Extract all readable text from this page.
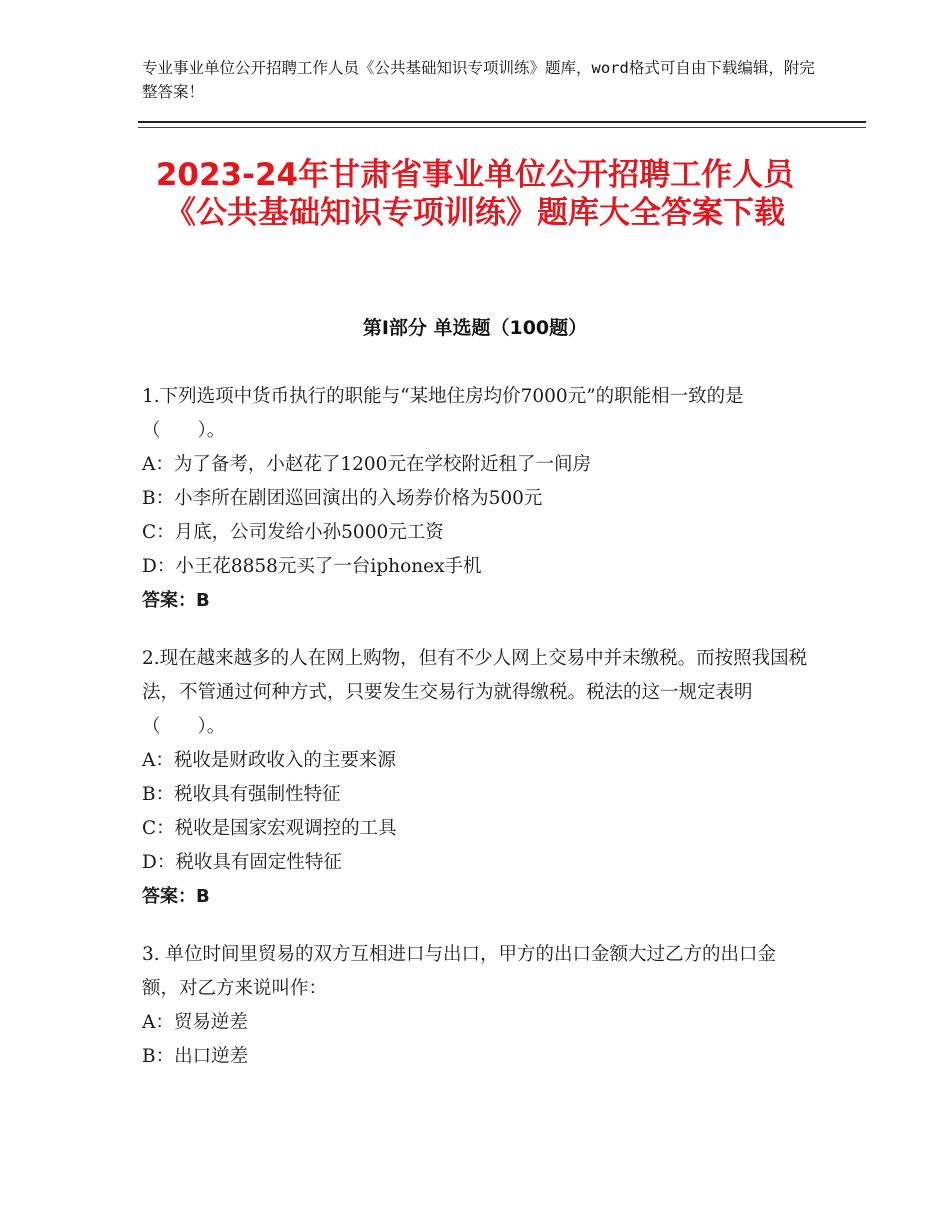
专业事业单位公开招聘工作人员《公共基础知识专项训练》题库，word格式可自由下载编辑，附完整答案！
2023-24年甘肃省事业单位公开招聘工作人员《公共基础知识专项训练》题库大全答案下载
第I部分 单选题（100题）

1.下列选项中货币执行的职能与“某地住房均价7000元”的职能相一致的是（　　）。

A：为了备考，小赵花了1200元在学校附近租了一间房

B：小李所在剧团巡回演出的入场券价格为500元

C：月底，公司发给小孙5000元工资

D：小王花8858元买了一台iphonex手机

答案：B

2.现在越来越多的人在网上购物，但有不少人网上交易中并未缴税。而按照我国税法，不管通过何种方式，只要发生交易行为就得缴税。税法的这一规定表明（　　）。

A：税收是财政收入的主要来源

B：税收具有强制性特征

C：税收是国家宏观调控的工具

D：税收具有固定性特征

答案：B

3. 单位时间里贸易的双方互相进口与出口，甲方的出口金额大过乙方的出口金额，对乙方来说叫作：

A：贸易逆差

B：出口逆差
